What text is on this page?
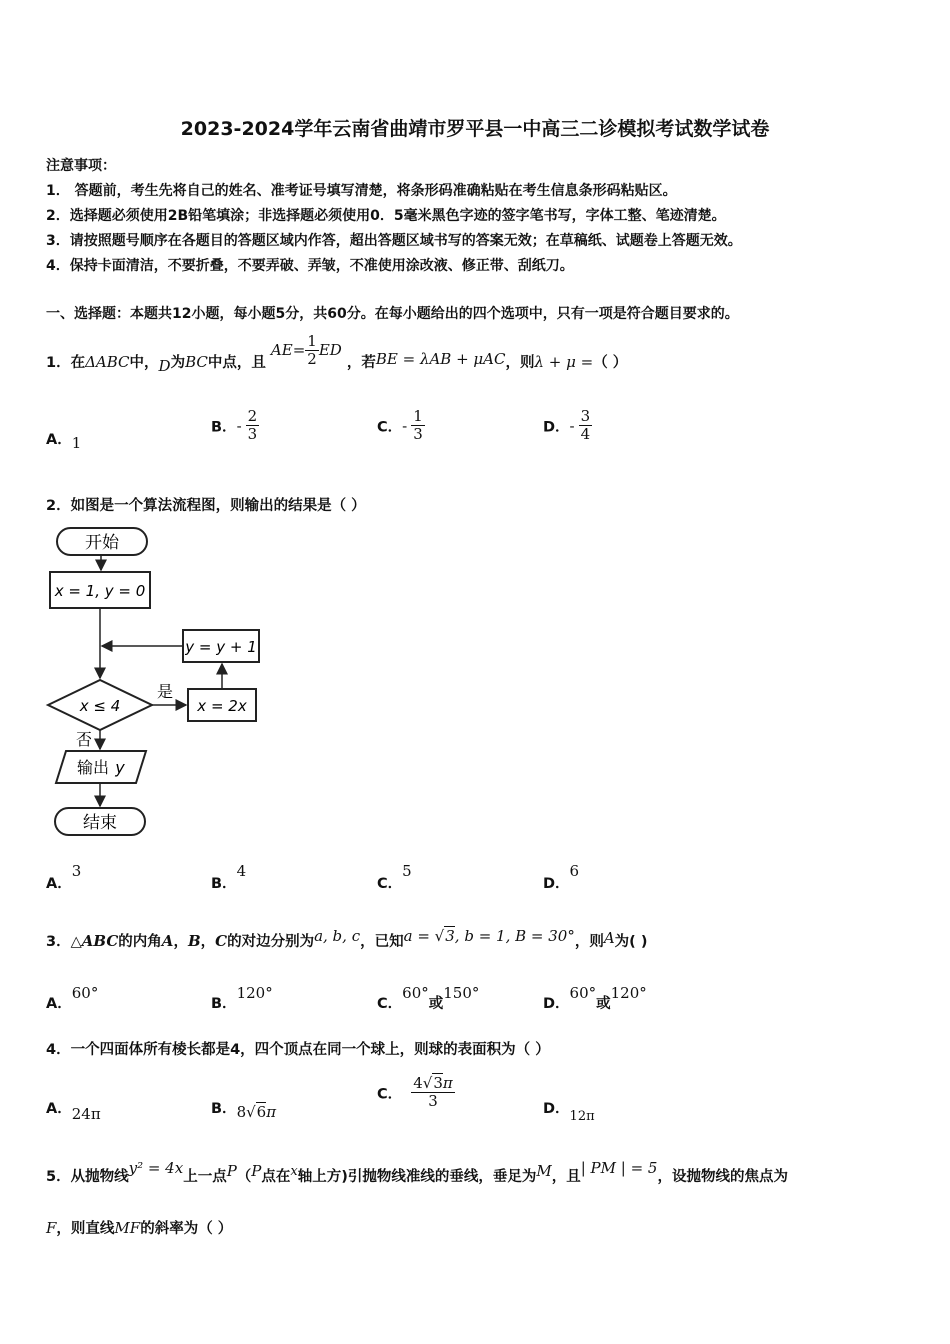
2023-2024学年云南省曲靖市罗平县一中高三二诊模拟考试数学试卷
注意事项：
1． 答题前，考生先将自己的姓名、准考证号填写清楚，将条形码准确粘贴在考生信息条形码粘贴区。
2．选择题必须使用2B铅笔填涂；非选择题必须使用0．5毫米黑色字迹的签字笔书写，字体工整、笔迹清楚。
3．请按照题号顺序在各题目的答题区域内作答，超出答题区域书写的答案无效；在草稿纸、试题卷上答题无效。
4．保持卡面清洁，不要折叠，不要弄破、弄皱，不准使用涂改液、修正带、刮纸刀。
一、选择题：本题共12小题，每小题5分，共60分。在每小题给出的四个选项中，只有一项是符合题目要求的。
1．在ΔABC中，D为BC中点，且 $AE= \frac{1}{2}$ ED ，若BE = λAB + μAC，则λ + μ =（ ）
A．1
B．- $\frac{2}{3}$	C．- $\frac{1}{3}$	D．- $\frac{3}{4}$
2．如图是一个算法流程图，则输出的结果是（ ）
开始
x = 1, y = 0
y = y + 1
x ≤ 4
是
x = 2x
否
输出 y
结束
A．3
B．4
C．5
D．6
3．△ABC的内角A，B，C的对边分别为a, b, c，已知a = √3, b = 1, B = 30°，则A为( )
A．60°
B．120°
C．60°或150°
D．60°或120°
4．一个四面体所有棱长都是4，四个顶点在同一个球上，则球的表面积为（ ）
A．24π	B．8√6π
C． $\frac{4√3\pi}{3}$	D．$_{12\pi}$
5．从抛物线y² = 4x上一点P（P点在x轴上方)引抛物线准线的垂线，垂足为M，且| PM | = 5，设抛物线的焦点为
F，则直线MF的斜率为（ ）
